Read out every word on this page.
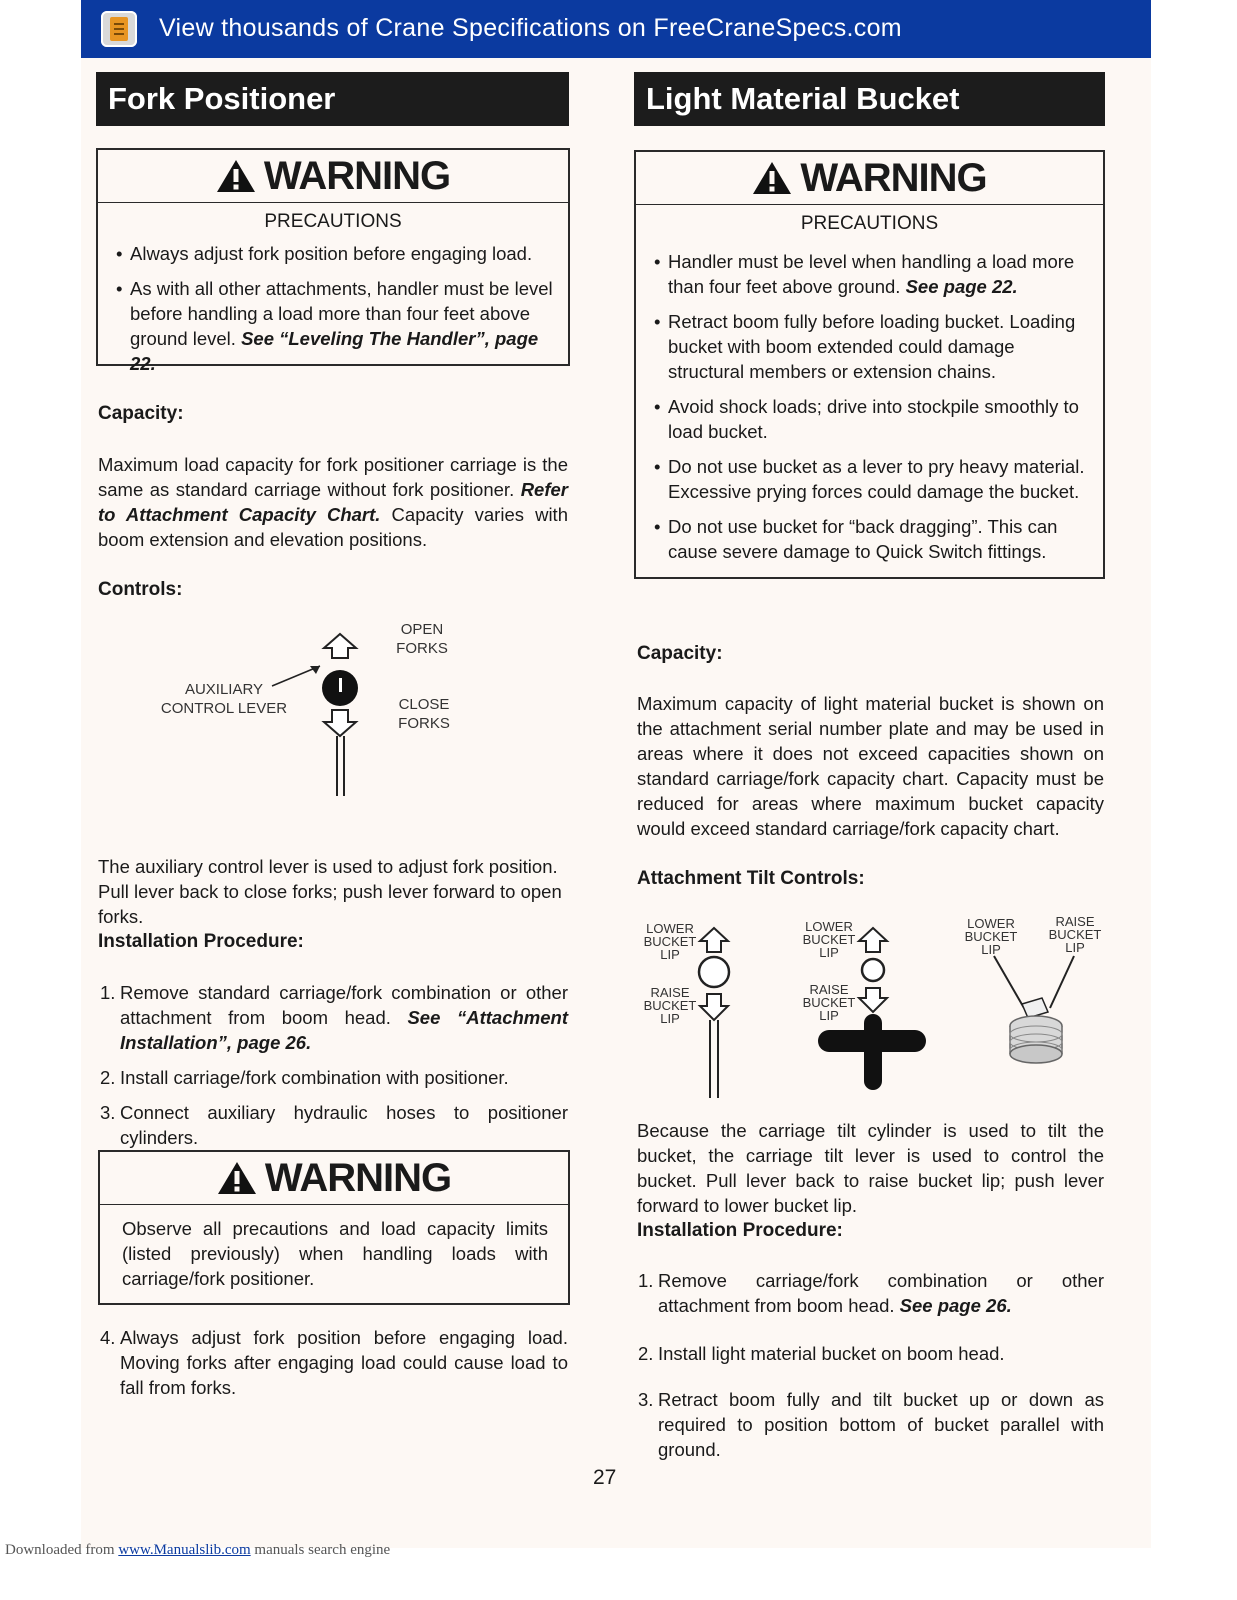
View thousands of Crane Specifications on FreeCraneSpecs.com
Fork Positioner
WARNING
PRECAUTIONS
• Always adjust fork position before engaging load.
• As with all other attachments, handler must be level before handling a load more than four feet above ground level. See “Leveling The Handler”, page 22.
Capacity:
Maximum load capacity for fork positioner carriage is the same as standard carriage without fork positioner. Refer to Attachment Capacity Chart. Capacity varies with boom extension and elevation positions.
Controls:
AUXILIARY
CONTROL LEVER
OPEN
FORKS
CLOSE
FORKS
The auxiliary control lever is used to adjust fork position. Pull lever back to close forks; push lever forward to open forks.
Installation Procedure:
1. Remove standard carriage/fork combination or other attachment from boom head. See “Attachment Installation”, page 26.
2. Install carriage/fork combination with positioner.
3. Connect auxiliary hydraulic hoses to positioner cylinders.
WARNING
Observe all precautions and load capacity limits (listed previously) when handling loads with carriage/fork positioner.
4. Always adjust fork position before engaging load. Moving forks after engaging load could cause load to fall from forks.
Light Material Bucket
WARNING
PRECAUTIONS
• Handler must be level when handling a load more than four feet above ground. See page 22.
• Retract boom fully before loading bucket. Loading bucket with boom extended could damage structural members or extension chains.
• Avoid shock loads; drive into stockpile smoothly to load bucket.
• Do not use bucket as a lever to pry heavy material. Excessive prying forces could damage the bucket.
• Do not use bucket for “back dragging”. This can cause severe damage to Quick Switch fittings.
Capacity:
Maximum capacity of light material bucket is shown on the attachment serial number plate and may be used in areas where it does not exceed capacities shown on standard carriage/fork capacity chart. Capacity must be reduced for areas where maximum bucket capacity would exceed standard carriage/fork capacity chart.
Attachment Tilt Controls:
LOWER
BUCKET
LIP
RAISE
BUCKET
LIP
LOWER
BUCKET
LIP
RAISE
BUCKET
LIP
LOWER
BUCKET
LIP
RAISE
BUCKET
LIP
Because the carriage tilt cylinder is used to tilt the bucket, the carriage tilt lever is used to control the bucket. Pull lever back to raise bucket lip; push lever forward to lower bucket lip.
Installation Procedure:
1. Remove carriage/fork combination or other attachment from boom head. See page 26.
2. Install light material bucket on boom head.
3. Retract boom fully and tilt bucket up or down as required to position bottom of bucket parallel with ground.
27
Downloaded from www.Manualslib.com manuals search engine
